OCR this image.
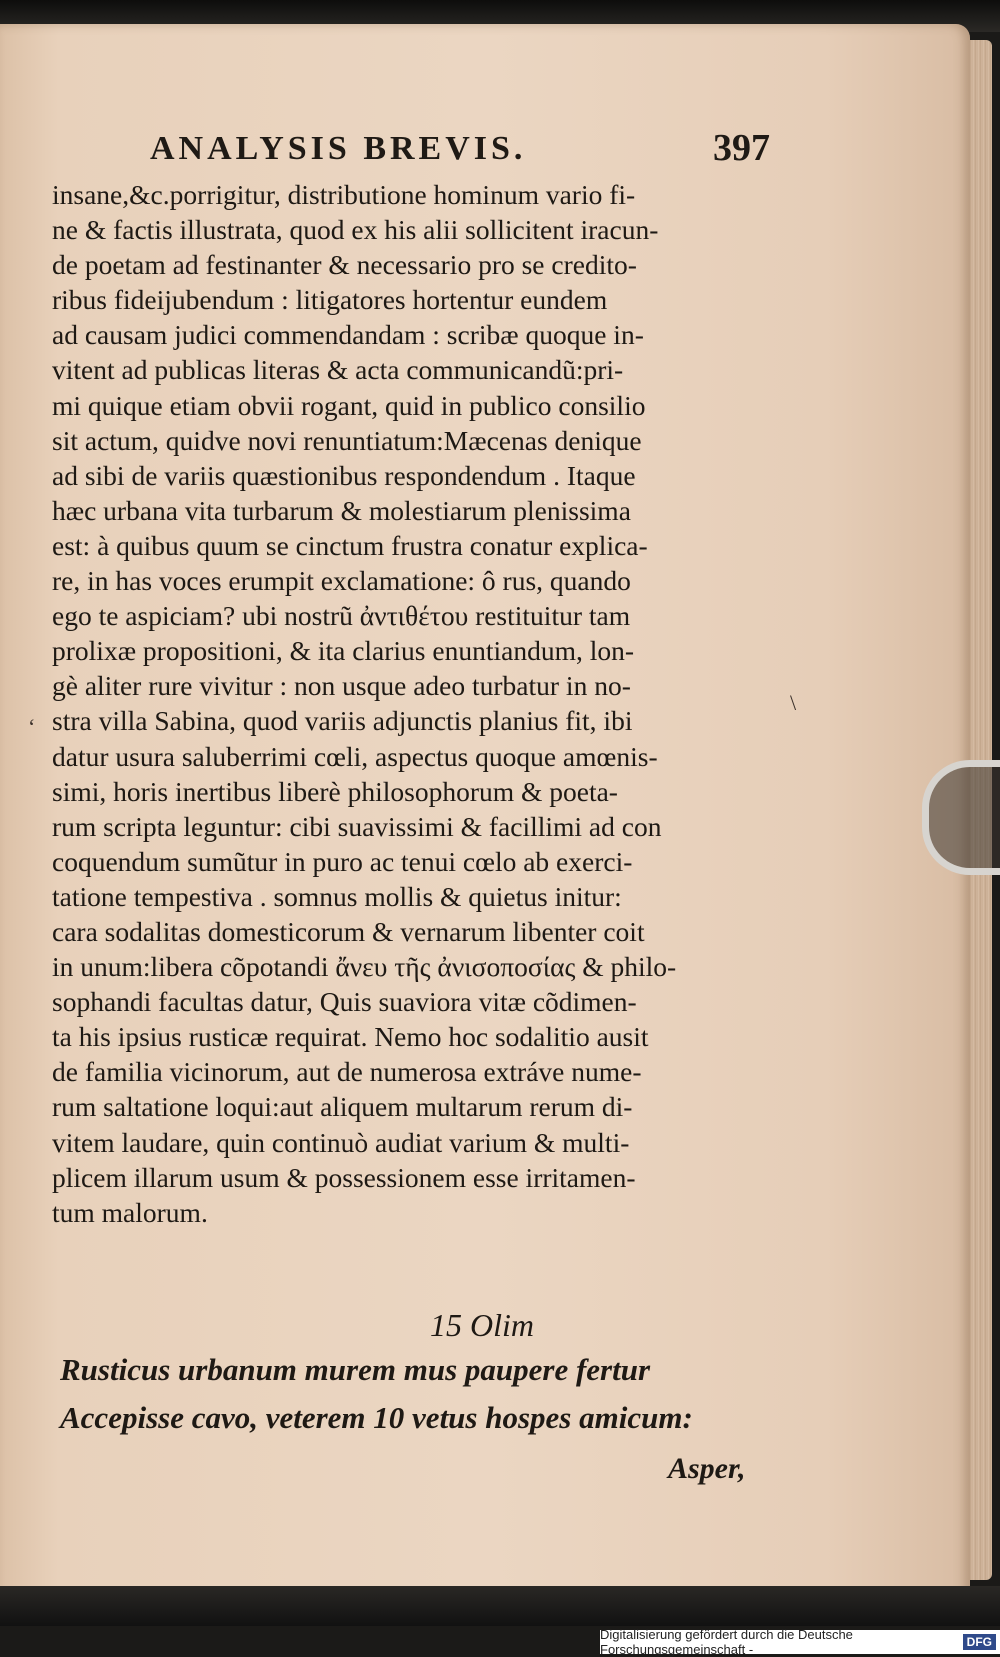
ANALYSIS BREVIS.	397
insane,&c.porrigitur, distributione hominum vario fi-
ne & factis illustrata, quod ex his alii sollicitent iracun-
de poetam ad festinanter & necessario pro se credito-
ribus fideijubendum : litigatores hortentur eundem
ad causam judici commendandam : scribæ quoque in-
vitent ad publicas literas & acta communicandũ:pri-
mi quique etiam obvii rogant, quid in publico consilio
sit actum, quidve novi renuntiatum:Mæcenas denique
ad sibi de variis quæstionibus respondendum . Itaque
hæc urbana vita turbarum & molestiarum plenissima
est: à quibus quum se cinctum frustra conatur explica-
re, in has voces erumpit exclamatione: ô rus, quando
ego te aspiciam? ubi nostrũ ἀντιθέτου restituitur tam
prolixæ propositioni, & ita clarius enuntiandum, lon-
gè aliter rure vivitur : non usque adeo turbatur in no-
stra villa Sabina, quod variis adjunctis planius fit, ibi
datur usura saluberrimi cœli, aspectus quoque amœnis-
simi, horis inertibus liberè philosophorum & poeta-
rum scripta leguntur: cibi suavissimi & facillimi ad con
coquendum sumũtur in puro ac tenui cœlo ab exerci-
tatione tempestiva . somnus mollis & quietus initur:
cara sodalitas domesticorum & vernarum libenter coit
in unum:libera cõpotandi ἄνευ τῆς ἀνισοποσίας & philo-
sophandi facultas datur, Quis suaviora vitæ cõdimen-
ta his ipsius rusticæ requirat. Nemo hoc sodalitio ausit
de familia vicinorum, aut de numerosa extráve nume-
rum saltatione loqui:aut aliquem multarum rerum di-
vitem laudare, quin continuò audiat varium & multi-
plicem illarum usum & possessionem esse irritamen-
tum malorum.
15 Olim
Rusticus urbanum murem mus paupere fertur
Accepisse cavo, veterem 10 vetus hospes amicum:
Asper,
‘
\
Digitalisierung gefördert durch die Deutsche Forschungsgemeinschaft -	DFG
